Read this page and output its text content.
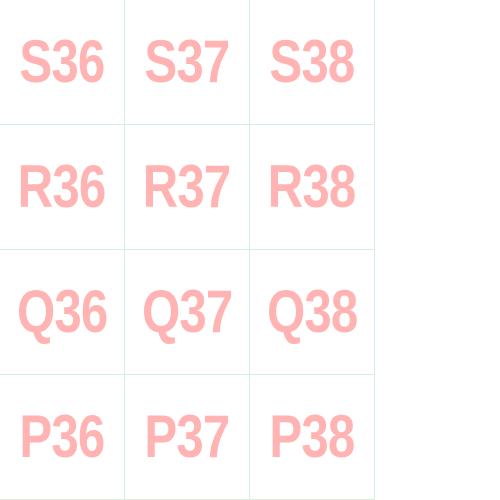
S36 S37 S38
R36 R37 R38
Q36 Q37 Q38
P36 P37 P38
